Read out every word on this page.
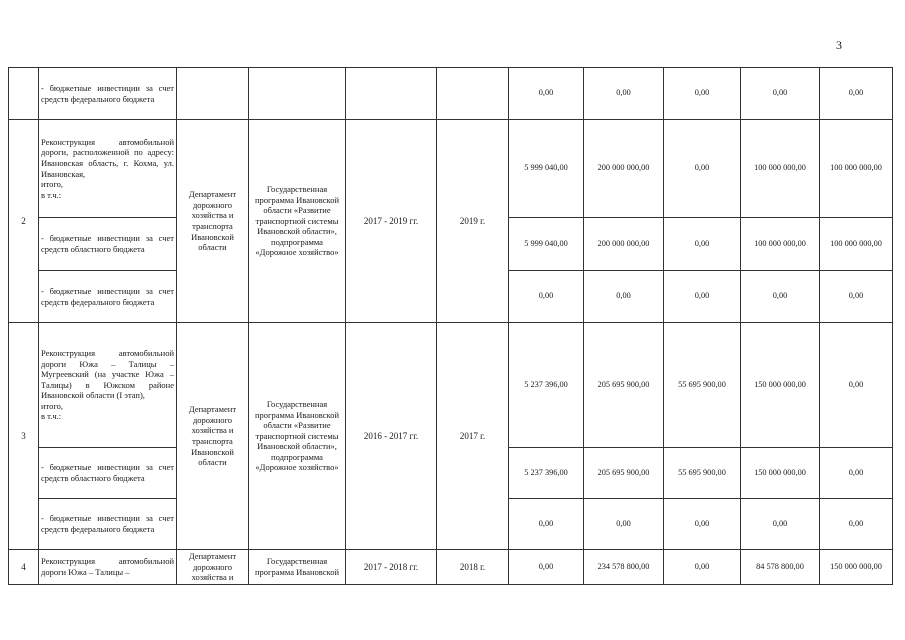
3
	- бюджетные инвестиции за счет средств федерального бюджета					0,00	0,00	0,00	0,00	0,00
2	Реконструкция автомобильной дороги, расположенной по адресу: Ивановская область, г. Кохма, ул. Ивановская,
итого,
в т.ч.:	Департамент дорожного хозяйства и транспорта Ивановской области	Государственная программа Ивановской области «Развитие транспортной системы Ивановской области», подпрограмма «Дорожное хозяйство»	2017 - 2019 гг.	2019 г.	5 999 040,00	200 000 000,00	0,00	100 000 000,00	100 000 000,00
	- бюджетные инвестиции за счет средств областного бюджета					5 999 040,00	200 000 000,00	0,00	100 000 000,00	100 000 000,00
	- бюджетные инвестиции за счет средств федерального бюджета					0,00	0,00	0,00	0,00	0,00
3	Реконструкция автомобильной дороги Южа – Талицы – Мугреевский (на участке Южа – Талицы) в Южском районе Ивановской области (I этап),
итого,
в т.ч.:	Департамент дорожного хозяйства и транспорта Ивановской области	Государственная программа Ивановской области «Развитие транспортной системы Ивановской области», подпрограмма «Дорожное хозяйство»	2016 - 2017 гг.	2017 г.	5 237 396,00	205 695 900,00	55 695 900,00	150 000 000,00	0,00
	- бюджетные инвестиции за счет средств областного бюджета					5 237 396,00	205 695 900,00	55 695 900,00	150 000 000,00	0,00
	- бюджетные инвестиции за счет средств федерального бюджета					0,00	0,00	0,00	0,00	0,00
4	Реконструкция автомобильной дороги Южа – Талицы –	Департамент дорожного хозяйства и	Государственная программа Ивановской	2017 - 2018 гг.	2018 г.	0,00	234 578 800,00	0,00	84 578 800,00	150 000 000,00
